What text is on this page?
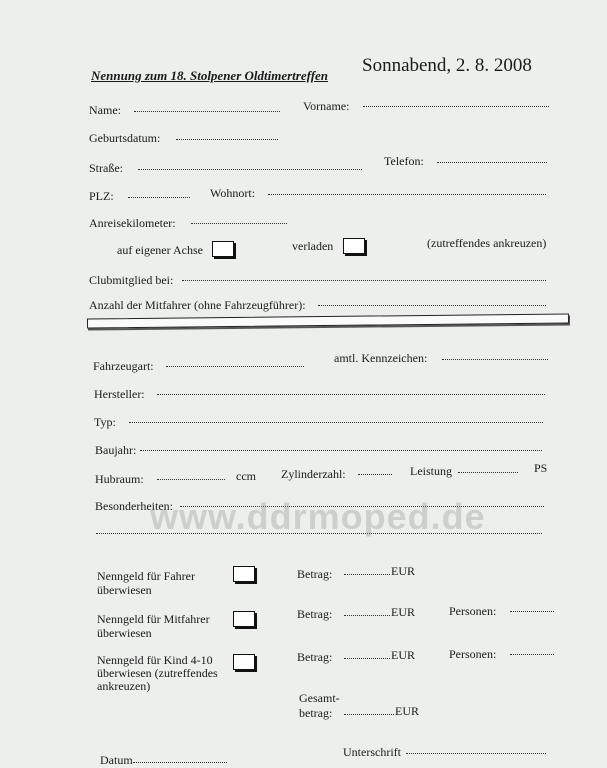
Nennung zum 18. Stolpener Oldtimertreffen Sonnabend, 2. 8. 2008
Name:	Vorname:
Geburtsdatum:
Straße:	Telefon:
PLZ:	Wohnort:
Anreisekilometer:
auf eigener Achse	verladen	(zutreffendes ankreuzen)
Clubmitglied bei:
Anzahl der Mitfahrer (ohne Fahrzeugführer):
Fahrzeugart:
amtl. Kennzeichen:
Hersteller:
Typ:
Baujahr:
Hubraum:	ccm Zylinderzahl:	Leistung	PS
Besonderheiten:
www.ddrmoped.de
Nenngeld für Fahrer überwiesen
Betrag:	EUR
Nenngeld für Mitfahrer überwiesen
Betrag:	EUR	Personen:
Nenngeld für Kind 4-10 überwiesen (zutreffendes ankreuzen)
Betrag:	EUR	Personen:
Gesamt-
betrag:	EUR
Datum
Unterschrift
